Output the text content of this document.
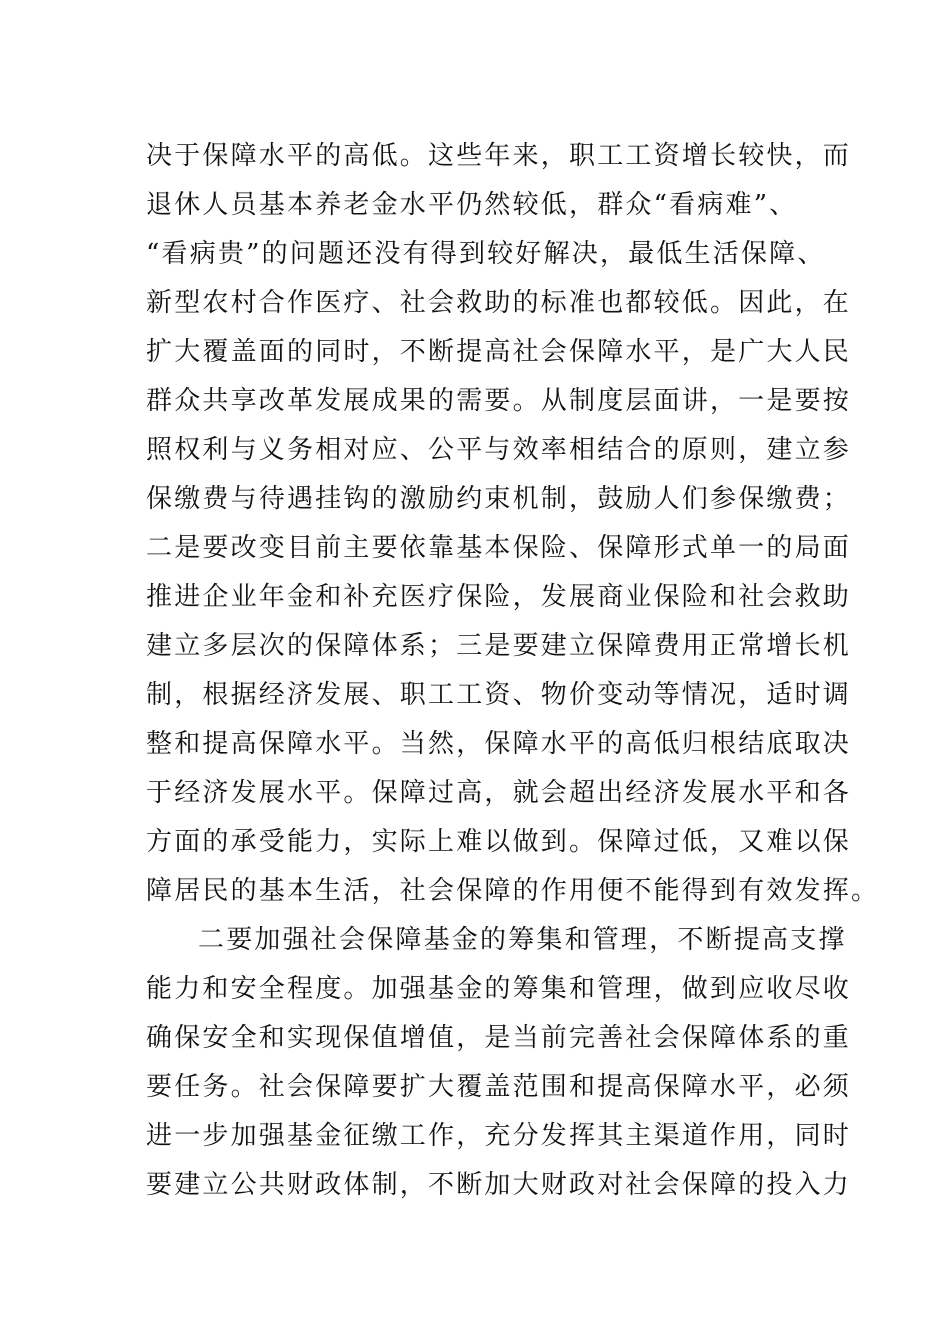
决于保障水平的高低。这些年来，职工工资增长较快，而
退休人员基本养老金水平仍然较低，群众“看病难”、
“看病贵”的问题还没有得到较好解决，最低生活保障、
新型农村合作医疗、社会救助的标准也都较低。因此，在
扩大覆盖面的同时，不断提高社会保障水平，是广大人民
群众共享改革发展成果的需要。从制度层面讲，一是要按
照权利与义务相对应、公平与效率相结合的原则，建立参
保缴费与待遇挂钩的激励约束机制，鼓励人们参保缴费；
二是要改变目前主要依靠基本保险、保障形式单一的局面
推进企业年金和补充医疗保险，发展商业保险和社会救助
建立多层次的保障体系；三是要建立保障费用正常增长机
制，根据经济发展、职工工资、物价变动等情况，适时调
整和提高保障水平。当然，保障水平的高低归根结底取决
于经济发展水平。保障过高，就会超出经济发展水平和各
方面的承受能力，实际上难以做到。保障过低，又难以保
障居民的基本生活，社会保障的作用便不能得到有效发挥。
二要加强社会保障基金的筹集和管理，不断提高支撑
能力和安全程度。加强基金的筹集和管理，做到应收尽收
确保安全和实现保值增值，是当前完善社会保障体系的重
要任务。社会保障要扩大覆盖范围和提高保障水平，必须
进一步加强基金征缴工作，充分发挥其主渠道作用，同时
要建立公共财政体制，不断加大财政对社会保障的投入力
